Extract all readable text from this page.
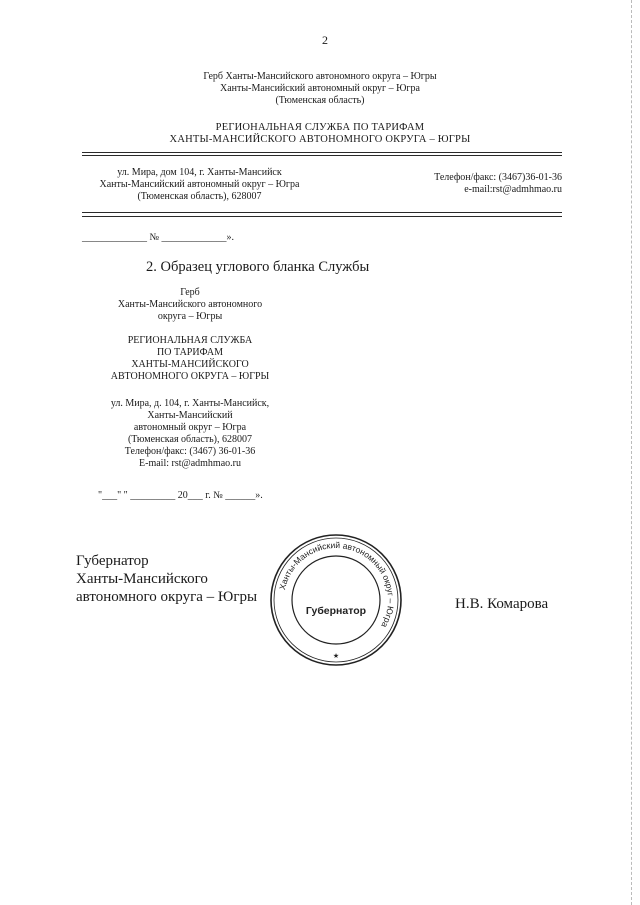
2
Герб Ханты-Мансийского автономного округа – Югры
Ханты-Мансийский автономный округ – Югра
(Тюменская область)
РЕГИОНАЛЬНАЯ СЛУЖБА ПО ТАРИФАМ
ХАНТЫ-МАНСИЙСКОГО АВТОНОМНОГО ОКРУГА – ЮГРЫ
ул. Мира, дом 104, г. Ханты-Мансийск
Ханты-Мансийский автономный округ – Югра
(Тюменская область), 628007
Телефон/факс: (3467)36-01-36
e-mail:rst@admhmao.ru
_____________ № _____________».
2. Образец углового бланка Службы
Герб
Ханты-Мансийского автономного
округа – Югры
РЕГИОНАЛЬНАЯ СЛУЖБА
ПО ТАРИФАМ
ХАНТЫ-МАНСИЙСКОГО
АВТОНОМНОГО ОКРУГА – ЮГРЫ
ул. Мира, д. 104, г. Ханты-Мансийск,
Ханты-Мансийский
автономный округ – Югра
(Тюменская область), 628007
Телефон/факс: (3467) 36-01-36
E-mail: rst@admhmao.ru
"___" " _________ 20___ г. № ______».
Губернатор
Ханты-Мансийского
автономного округа – Югры
Ханты-Мансийский автономный округ – Югра
Губернатор
★
Н.В. Комарова
